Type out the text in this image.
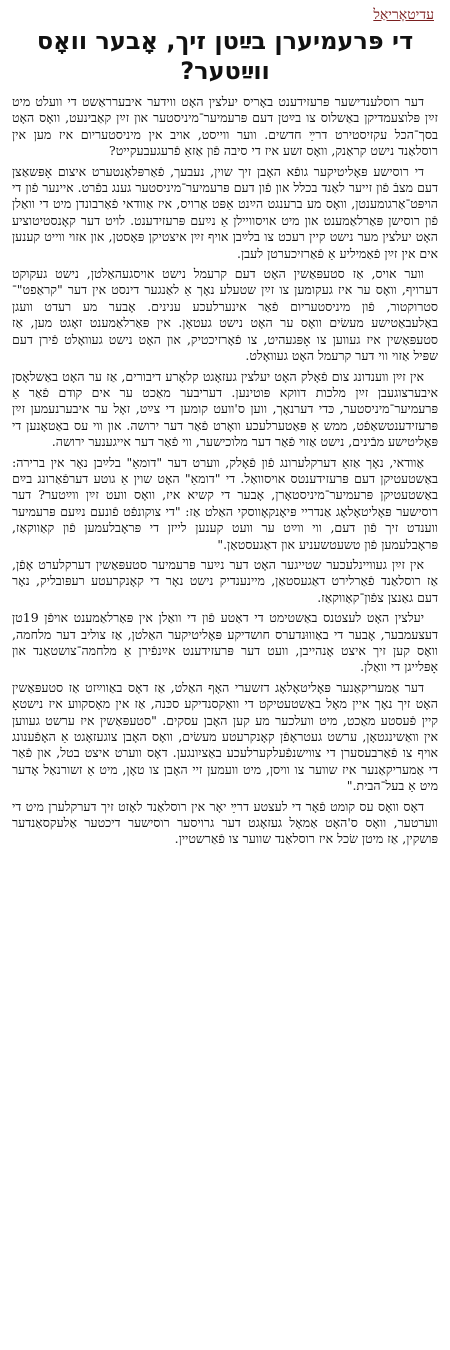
עדיטאָריאַל
די פּרעמיערן בײַטן זיך, אָבער וואָס ווײַטער?

דער רוסלענדישער פּרעזידענט באָריס יעלצין האָט ווידער איבערראַשט די וועלט מיט זײַן פּלוצעמדיקן באַשלוס צו בײַטן דעם פּרעמיער־מיניסטער און זײַן קאַבינעט, וואָס האָט בסך־הכל עקזיסטירט דרײַ חדשים. ווער ווייסט, אויב אין מיניסטעריום איז מען אין רוסלאַנד נישט קראַנק, וואָס זשע איז די סיבה פֿון אַזאַ פֿרעגעבעקייט?

די רוסישע פּאָליטיקער גופֿא האָבן זיך שוין, נעבעך, פֿאַרפּלאָנטערט איצום אָפּשאַצן דעם מצבֿ פֿון זייער לאַנד בכלל און פֿון דעם פּרעמיער־מיניסטער גענג בפֿרט. איינער פֿון די הויפּט־אַרגומענטן, וואָס מע ברענגט הײַנט אַפּט אַרויס, איז אַוודאי פֿאַרבונדן מיט די וואַלן פֿון רוסישן פּאַרלאַמענט און מיט אויסוויילן אַ נײַעם פּרעזידענט. לויט דער קאָנסטיטוציע האָט יעלצין מער נישט קיין רעכט צו בלײַבן אויף זײַן איצטיקן פּאָסטן, און אזוי ווייט קענען אים אין זײַן פֿאַמיליע אַ פֿאַרזיכערטן לעבן.

ווער אויס, אַז סטעפּאַשין האָט דעם קרעמל נישט אויסגעהאַלטן, נישט געקוקט דערויף, וואָס ער איז געקומען צו זײַן שטעלע נאָך אַ לאַנגער דינסט אין דער "קראַפט"־סטרוקטור, פֿון מיניסטעריום פֿאַר אינערלעכע ענינים. אָבער מע רעדט וועגן באַלעבאַטישע מעשׂים וואָס ער האָט נישט געטאָן. אין פּאַרלאַמענט זאָגט מען, אַז סטעפּאַשין איז געווען צו אָפּגעהיט, צו פֿאָרזיכטיק, און האָט נישט געוואָלט פֿירן דעם שפּיל אַזוי ווי דער קרעמל האָט געוואָלט.

אין זײַן ווענדונג צום פֿאָלק האָט יעלצין געזאָגט קלאָרע דיבורים, אַז ער האָט באַשלאָסן איבערצוגעבן זײַן מלכות דווקא פּוטינען. דעריבער מאַכט ער אים קודם פֿאַר אַ פּרעמיער־מיניסטער, כּדי דערנאָך, ווען ס'וועט קומען די צײַט, זאָל ער איבערנעמען זײַן פּרעזידענטשאַפֿט, ממש אַ פּאַטערלעכע וואָרט פֿאַר דער ירושה. און ווי עס באַטאָנען די פּאָליטישע מבֿינים, נישט אַזוי פֿאַר דער מלוכישער, ווי פֿאַר דער אייגענער ירושה.

אַוודאי, נאָך אַזאַ דערקלערונג פֿון פֿאָלק, ווערט דער "דומאַ" בלײַבן נאָר אין ברירה: באַשטעטיקן דעם פּרעזידענטס אויסוואַל. די "דומאַ" האָט שוין אַ גוטע דערפֿאַרונג בײַם באַשטעטיקן פּרעמיער־מיניסטאָרן, אָבער די קשיא איז, וואָס וועט זײַן ווײַטער? דער רוסישער פּאָליטאָלאָג אַנדריי פּיאָנקאָווסקי האַלט אַז: "די צוקונפֿט פֿונעם נײַעם פּרעמיער ווענדט זיך פֿון דעם, ווי ווײַט ער וועט קענען לייזן די פּראָבלעמען פֿון קאַווקאַז, פּראָבלעמען פֿון טשעטשעניע און דאַגעסטאַן."

אין זײַן געוויינלעכער שטייגער האָט דער נײַער פּרעמיער סטעפּאַשין דערקלערט אָפֿן, אַז רוסלאַנד פֿאַרלירט דאַגעסטאַן, מיינענדיק נישט נאָר די קאָנקרעטע רעפּובליק, נאָר דעם גאַנצן צפֿון־קאַווקאַז.

יעלצין האָט לעצטנס באַשטימט די דאַטע פֿון די וואַלן אין פּאַרלאַמענט אויפֿן 19טן דעצעמבער, אָבער די באַוווּנדערס חושדיקע פּאָליטיקער האַלטן, אַז צוליב דער מלחמה, וואָס קען זיך איצט אָנהייבן, וועט דער פּרעזידענט אײַנפֿירן אַ מלחמה־צושטאַנד און אָפּלייגן די וואַלן.

דער אַמעריקאַנער פּאָליטאָלאָג דזשערי האָף האַלט, אַז דאָס באַווײַזט אַז סטעפּאַשין האָט זיך נאָך איין מאָל באַשטעטיקט די וואַקסנדיקע סכּנה, אַז אין מאָסקווע איז נישטאָ קיין פֿעסטע מאַכט, מיט וועלכער מע קען האָבן עסקים. "סטעפּאַשין איז ערשט געווען אין וואַשינגטאָן, ערשט געטראָפֿן קאָנקרעטע מעשׂים, וואָס האָבן צוגעזאָגט אַ האָפֿענונג אויף צו פֿאַרבעסערן די צווישנפֿעלקערלעכע באַציִונגען. דאָס ווערט איצט בטל, און פֿאַר די אַמעריקאַנער איז שווער צו וויסן, מיט וועמען זיי האָבן צו טאָן, מיט אַ זשורנאַל אָדער מיט אַ בעל־הבית."

דאָס וואָס עס קומט פֿאָר די לעצטע דרײַ יאָר אין רוסלאַנד לאָזט זיך דערקלערן מיט די ווערטער, וואָס ס'האָט אַמאָל געזאָגט דער גרויסער רוסישער דיכטער אַלעקסאַנדער פּושקין, אַז מיטן שׂכל איז רוסלאַנד שווער צו פֿאַרשטיין.
